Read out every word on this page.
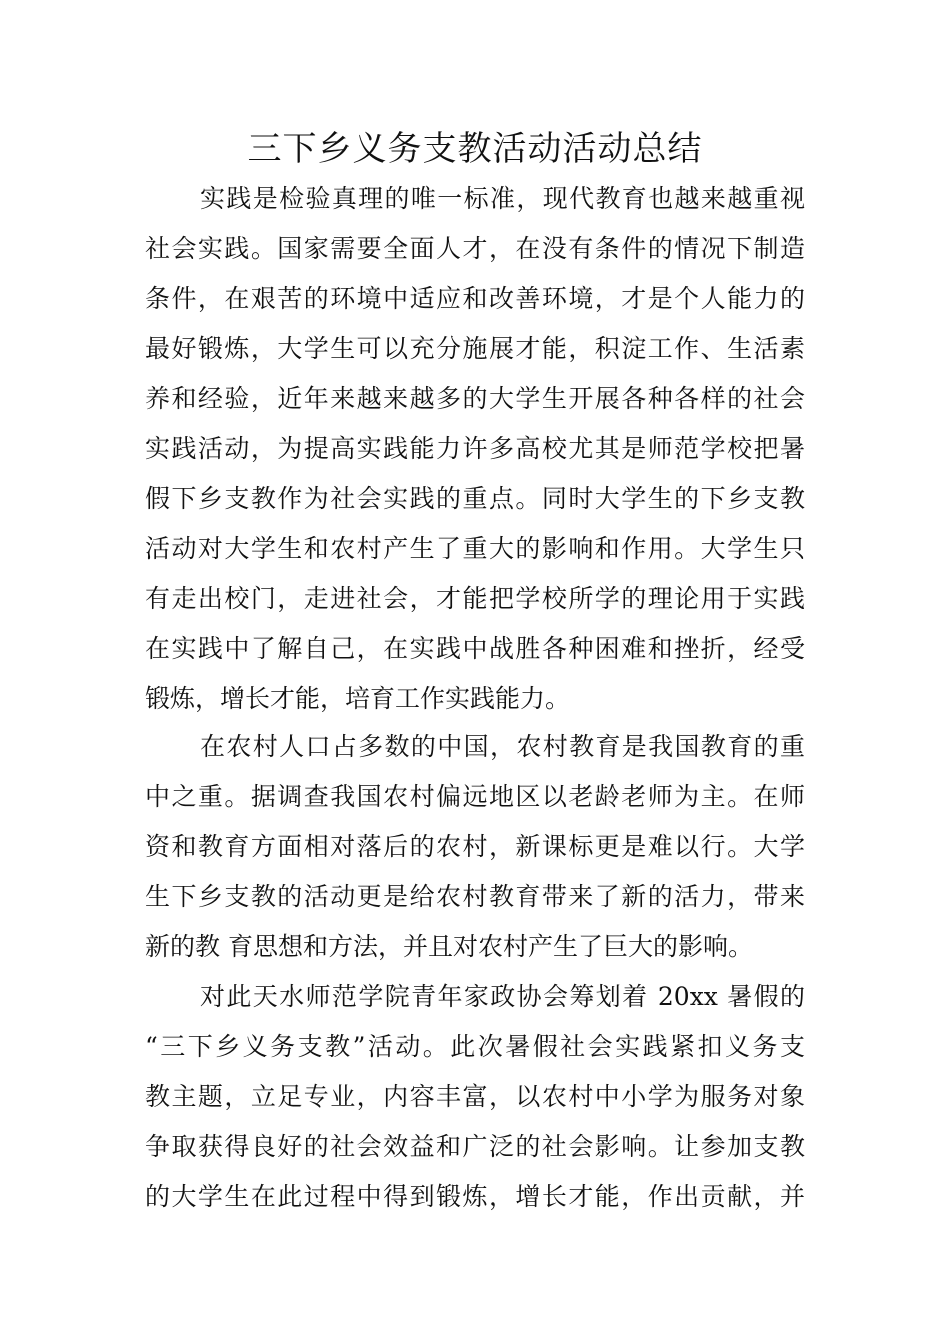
三下乡义务支教活动活动总结
实践是检验真理的唯一标准，现代教育也越来越重视
社会实践。国家需要全面人才，在没有条件的情况下制造
条件，在艰苦的环境中适应和改善环境，才是个人能力的
最好锻炼，大学生可以充分施展才能，积淀工作、生活素
养和经验，近年来越来越多的大学生开展各种各样的社会
实践活动，为提高实践能力许多高校尤其是师范学校把暑
假下乡支教作为社会实践的重点。同时大学生的下乡支教
活动对大学生和农村产生了重大的影响和作用。大学生只
有走出校门，走进社会，才能把学校所学的理论用于实践
在实践中了解自己，在实践中战胜各种困难和挫折，经受
锻炼，增长才能，培育工作实践能力。
在农村人口占多数的中国，农村教育是我国教育的重
中之重。据调查我国农村偏远地区以老龄老师为主。在师
资和教育方面相对落后的农村，新课标更是难以行。大学
生下乡支教的活动更是给农村教育带来了新的活力，带来
新的教 育思想和方法，并且对农村产生了巨大的影响。
对此天水师范学院青年家政协会筹划着 20xx 暑假的
“三下乡义务支教”活动。此次暑假社会实践紧扣义务支
教主题，立足专业，内容丰富，以农村中小学为服务对象
争取获得良好的社会效益和广泛的社会影响。让参加支教
的大学生在此过程中得到锻炼，增长才能，作出贡献，并
